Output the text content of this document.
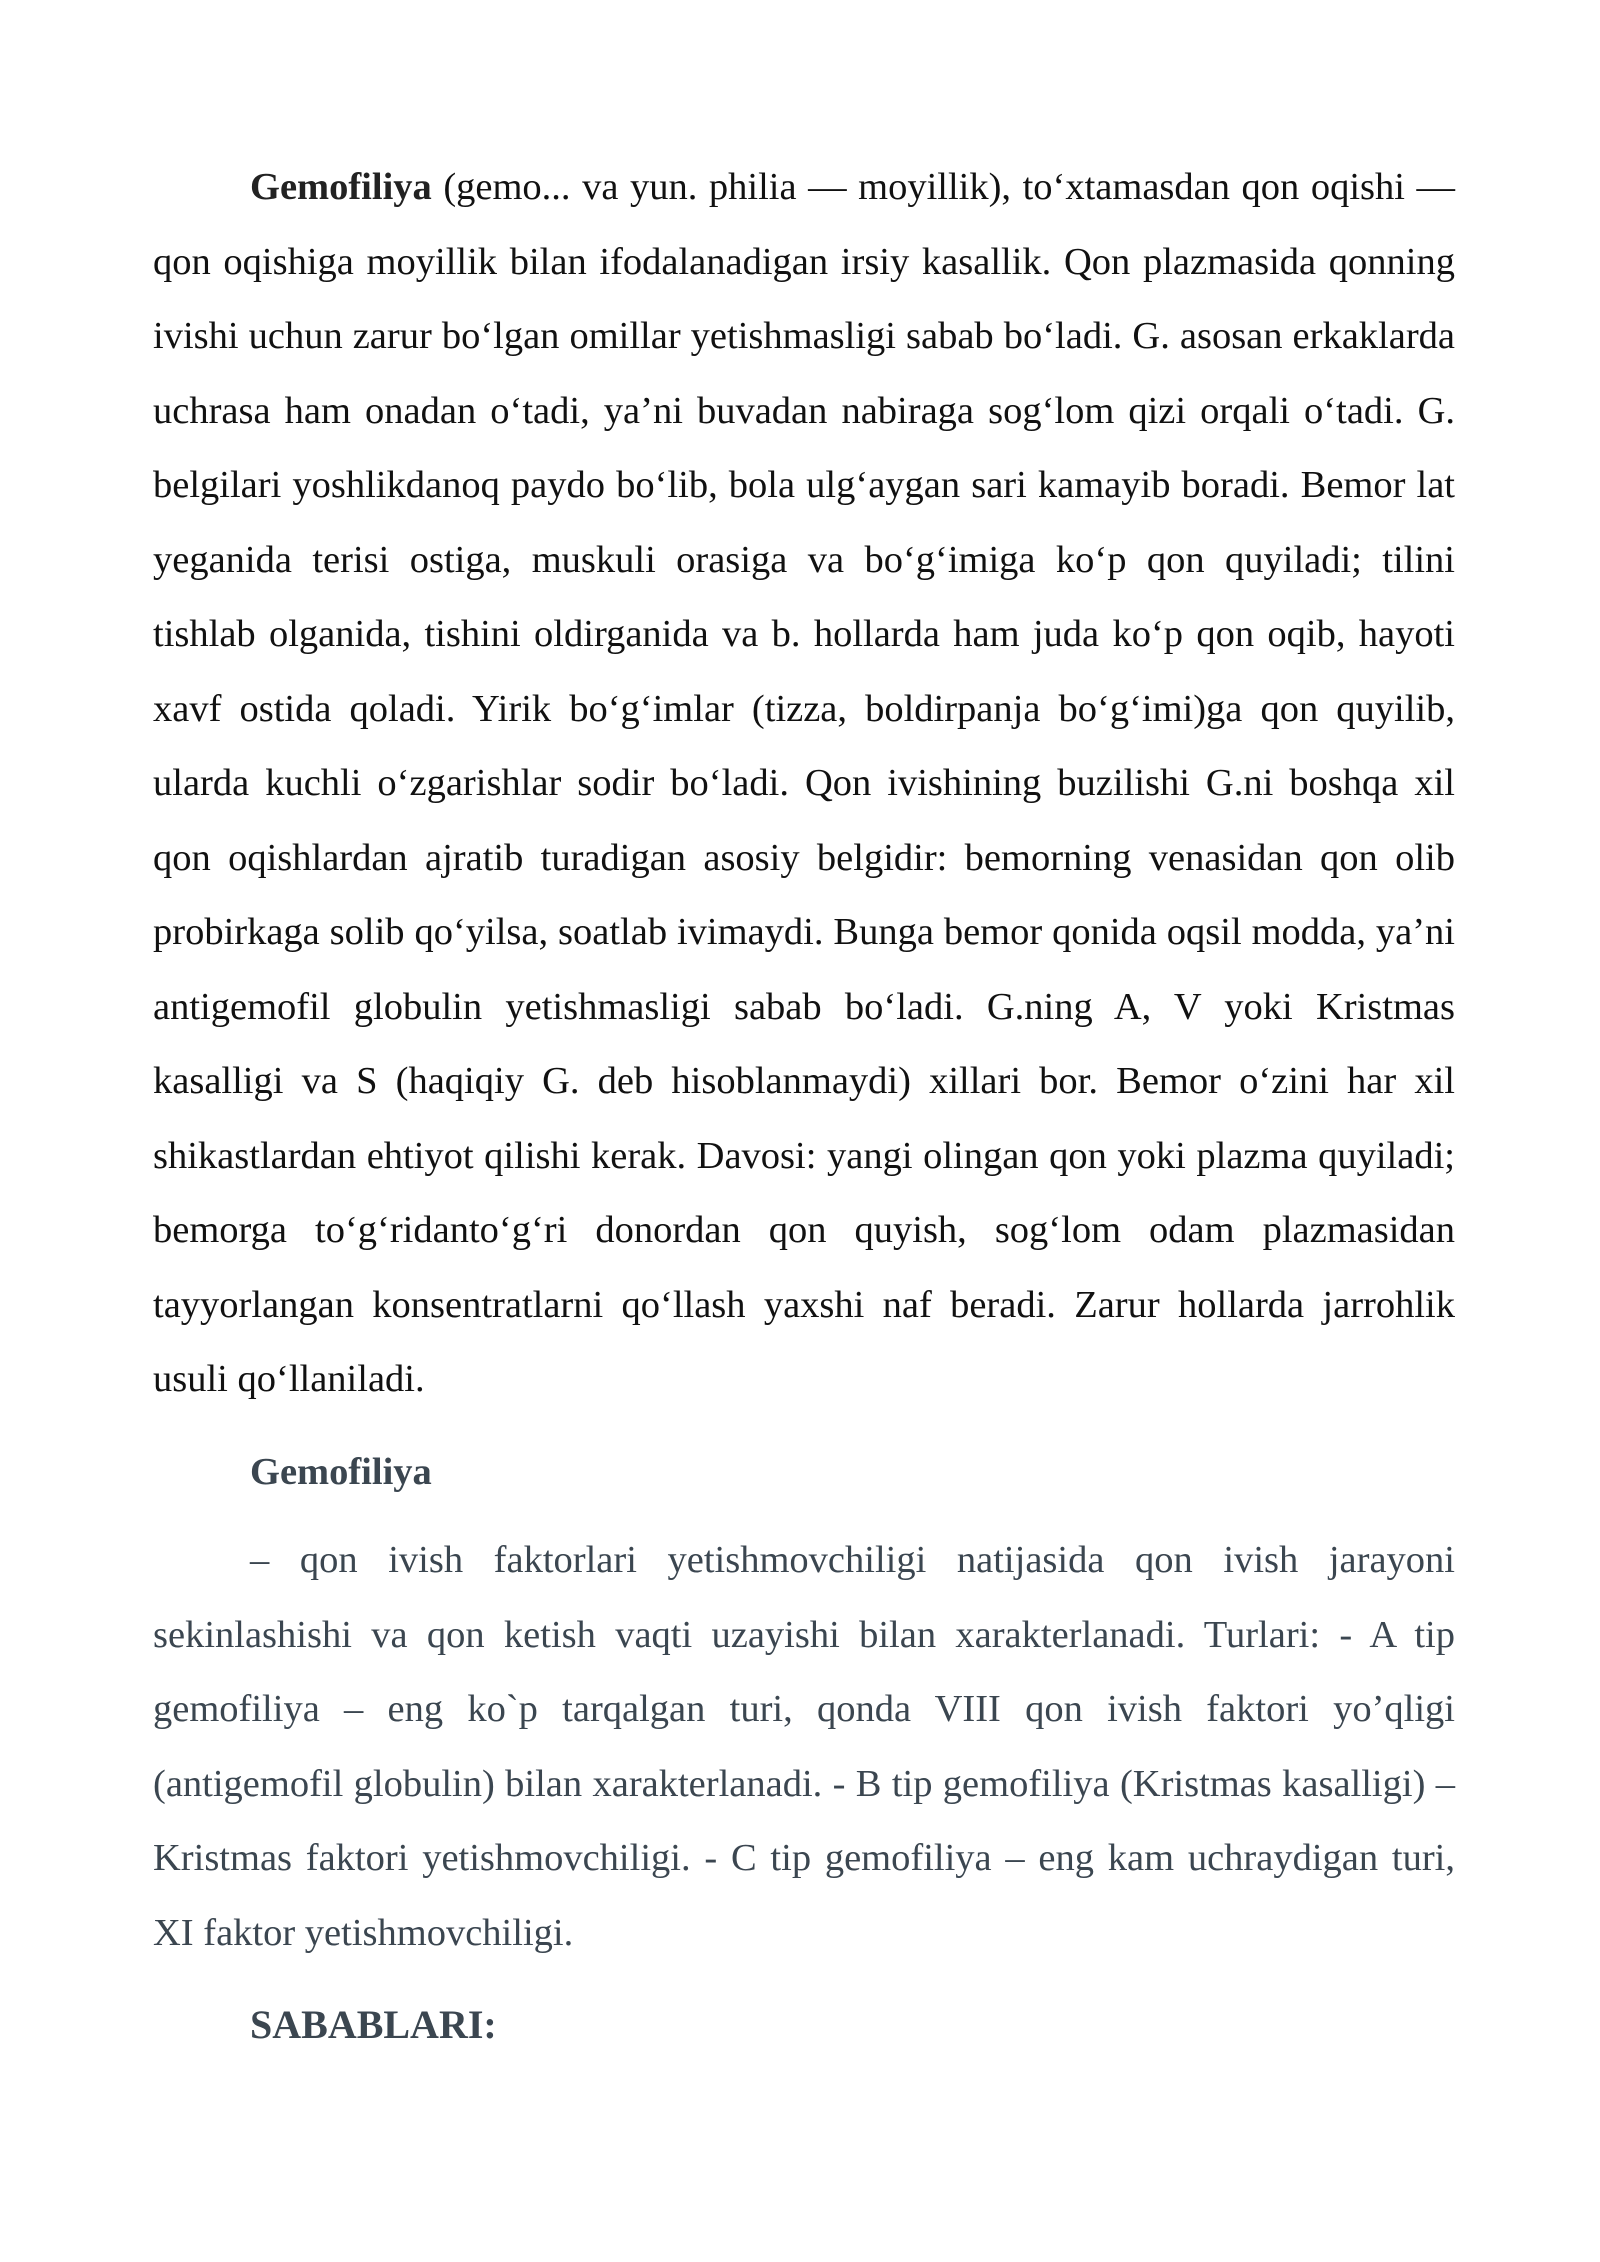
Gemofiliya (gemo... va yun. philia — moyillik), to‘xtamasdan qon oqishi — qon oqishiga moyillik bilan ifodalanadigan irsiy kasallik. Qon plazmasida qonning ivishi uchun zarur bo‘lgan omillar yetishmasligi sabab bo‘ladi. G. asosan erkaklarda uchrasa ham onadan o‘tadi, ya’ni buvadan nabiraga sog‘lom qizi orqali o‘tadi. G. belgilari yoshlikdanoq paydo bo‘lib, bola ulg‘aygan sari kamayib boradi. Bemor lat yeganida terisi ostiga, muskuli orasiga va bo‘g‘imiga ko‘p qon quyiladi; tilini tishlab olganida, tishini oldirganida va b. hollarda ham juda ko‘p qon oqib, hayoti xavf ostida qoladi. Yirik bo‘g‘imlar (tizza, boldirpanja bo‘g‘imi)ga qon quyilib, ularda kuchli o‘zgarishlar sodir bo‘ladi. Qon ivishining buzilishi G.ni boshqa xil qon oqishlardan ajratib turadigan asosiy belgidir: bemorning venasidan qon olib probirkaga solib qo‘yilsa, soatlab ivimaydi. Bunga bemor qonida oqsil modda, ya’ni antigemofil globulin yetishmasligi sabab bo‘ladi. G.ning A, V yoki Kristmas kasalligi va S (haqiqiy G. deb hisoblanmaydi) xillari bor. Bemor o‘zini har xil shikastlardan ehtiyot qilishi kerak. Davosi: yangi olingan qon yoki plazma quyiladi; bemorga to‘g‘ridanto‘g‘ri donordan qon quyish, sog‘lom odam plazmasidan tayyorlangan konsentratlarni qo‘llash yaxshi naf beradi. Zarur hollarda jarrohlik usuli qo‘llaniladi.

Gemofiliya

– qon ivish faktorlari yetishmovchiligi natijasida qon ivish jarayoni sekinlashishi va qon ketish vaqti uzayishi bilan xarakterlanadi. Turlari: - A tip gemofiliya – eng ko`p tarqalgan turi, qonda VIII qon ivish faktori yo’qligi (antigemofil globulin) bilan xarakterlanadi. - B tip gemofiliya (Kristmas kasalligi) – Kristmas faktori yetishmovchiligi. - C tip gemofiliya – eng kam uchraydigan turi, XI faktor yetishmovchiligi.

SABABLARI:
